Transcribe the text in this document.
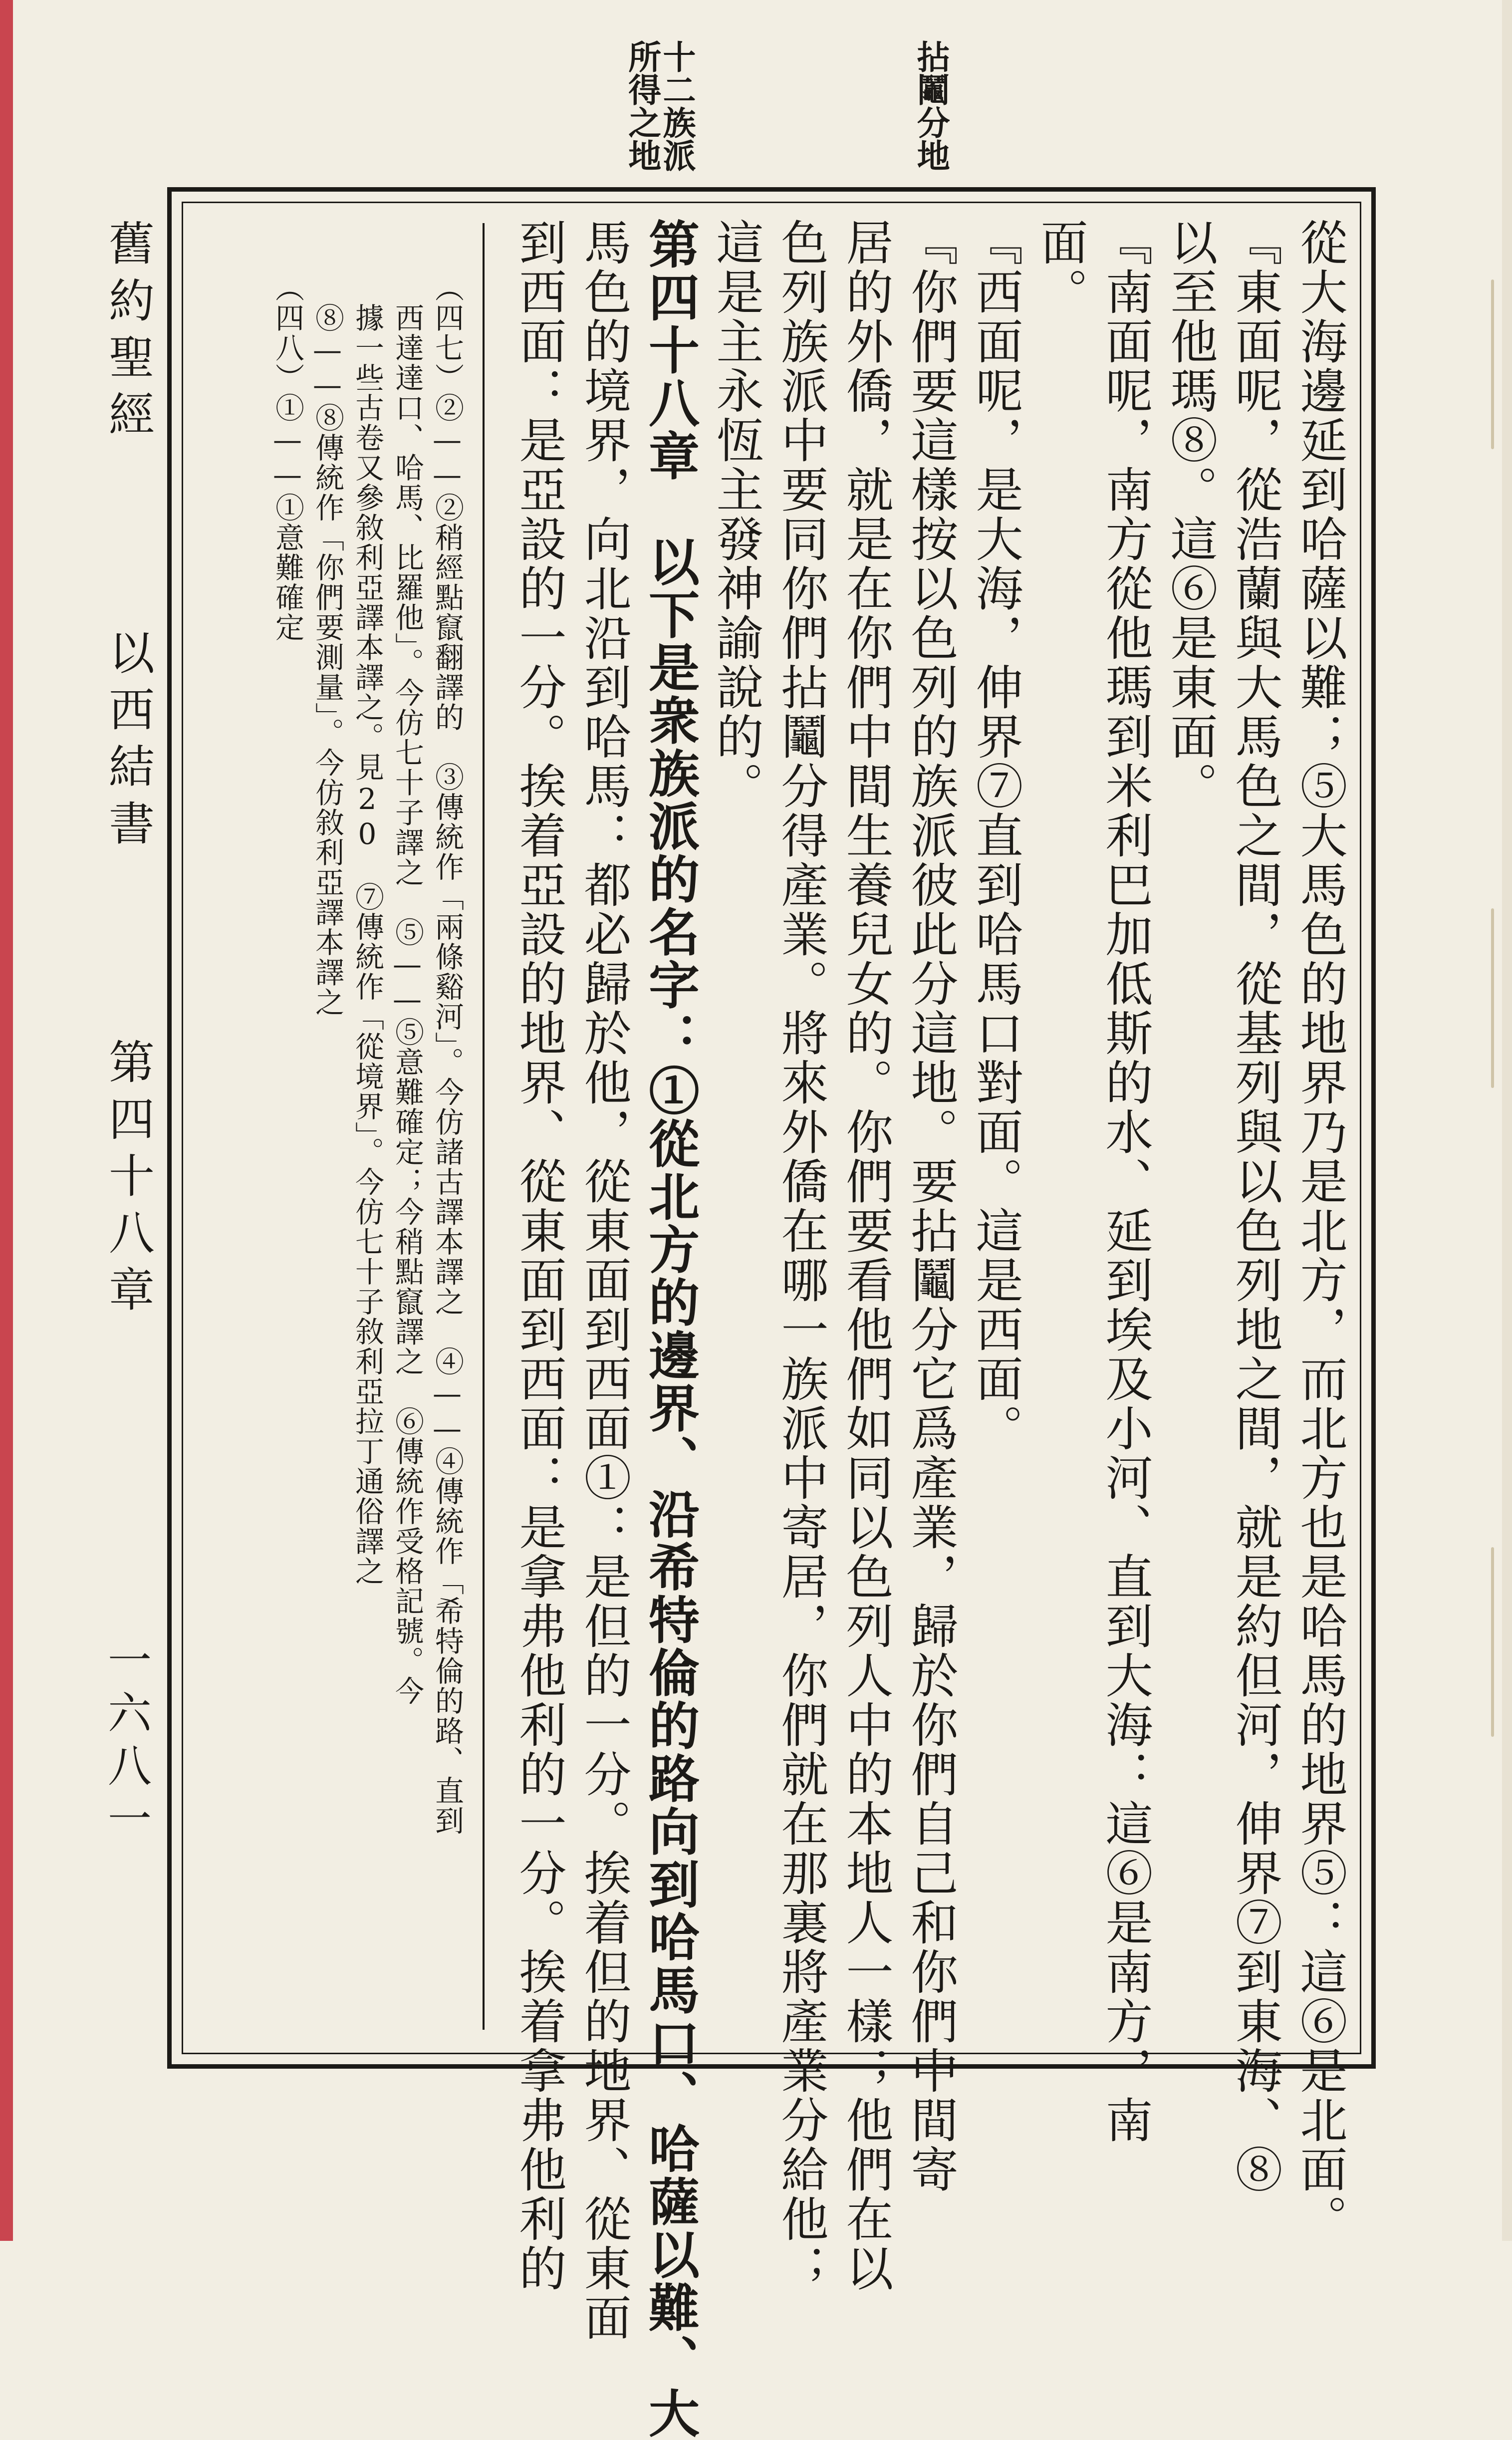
舊約聖經
以西結書
第四十八章
一六八一
拈鬮分地
十二族派所得之地
從大海邊延到哈薩以難；⑤大馬色的地界乃是北方，而北方也是哈馬的地界⑤：這⑥是北面。
『東面呢，從浩蘭與大馬色之間，從基列與以色列地之間，就是約但河，伸界⑦到東海、⑧
以至他瑪⑧。這⑥是東面。
『南面呢，南方從他瑪到米利巴加低斯的水、延到埃及小河、直到大海：這⑥是南方，南
面。
『西面呢，是大海，伸界⑦直到哈馬口對面。這是西面。
『你們要這樣按以色列的族派彼此分這地。要拈鬮分它爲產業，歸於你們自己和你們中間寄
居的外僑，就是在你們中間生養兒女的。你們要看他們如同以色列人中的本地人一樣；他們在以
色列族派中要同你們拈鬮分得產業。將來外僑在哪一族派中寄居，你們就在那裏將產業分給他；
這是主永恆主發神諭說的。
第四十八章　以下是衆族派的名字：①從北方的邊界、沿希特倫的路向到哈馬口、哈薩以難、大
馬色的境界，向北沿到哈馬：都必歸於他，從東面到西面①：是但的一分。挨着但的地界、從東面
到西面：是亞設的一分。挨着亞設的地界、從東面到西面：是拿弗他利的一分。挨着拿弗他利的
（四七）②——②稍經點竄翻譯的　③傳統作「兩條谿河」。今仿諸古譯本譯之　④——④傳統作「希特倫的路、直到
西達達口、哈馬、比羅他」。今仿七十子譯之　⑤——⑤意難確定；今稍點竄譯之　⑥傳統作受格記號。今
據一些古卷又參敘利亞譯本譯之。見20　⑦傳統作「從境界」。今仿七十子敘利亞拉丁通俗譯之
⑧——⑧傳統作「你們要測量」。今仿敘利亞譯本譯之
（四八）①——①意難確定
